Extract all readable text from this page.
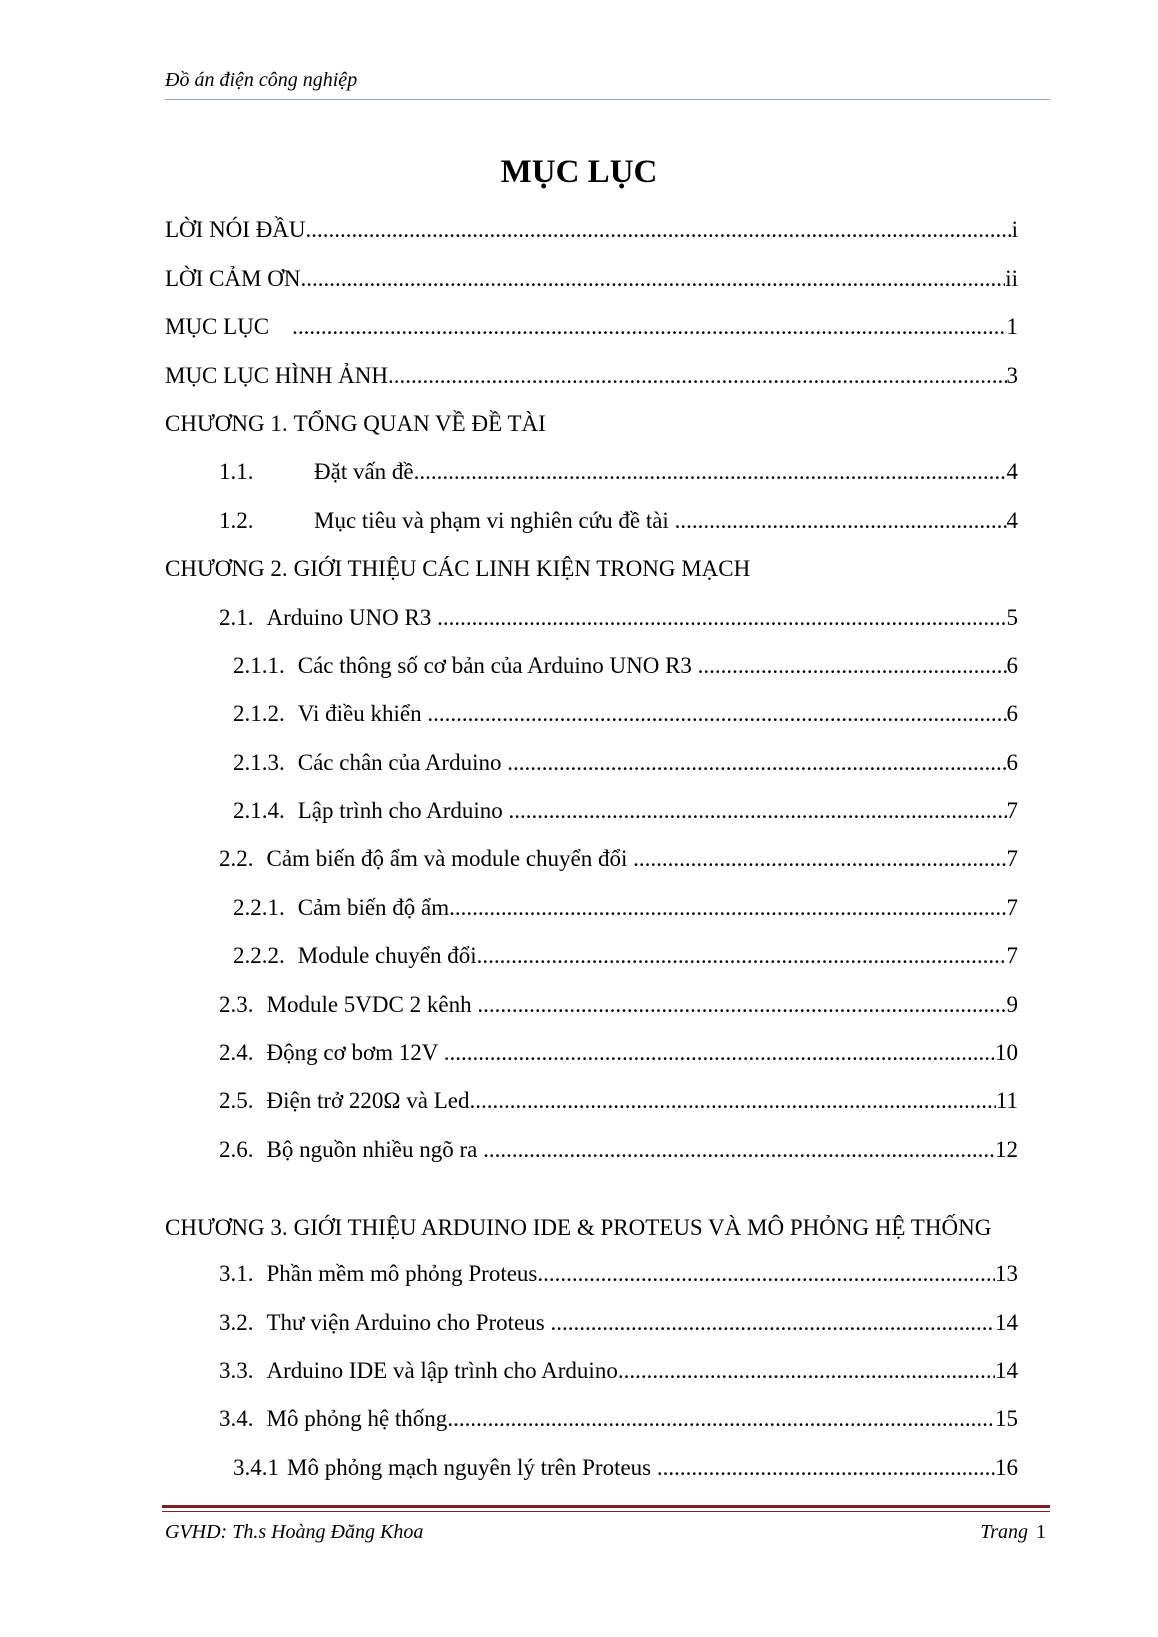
Đồ án điện công nghiệp
MỤC LỤC
LỜI NÓI ĐẦU .....	i
LỜI CẢM ƠN .....	ii
MỤC LỤC .....	1
MỤC LỤC HÌNH ẢNH .....	3
CHƯƠNG 1. TỔNG QUAN VỀ ĐỀ TÀI
1.1.	Đặt vấn đề .....	4
1.2.	Mục tiêu và phạm vi nghiên cứu đề tài .....	4
CHƯƠNG 2. GIỚI THIỆU CÁC LINH KIỆN TRONG MẠCH
2.1. Arduino UNO R3 .....	5
2.1.1. Các thông số cơ bản của Arduino UNO R3 .....	6
2.1.2. Vi điều khiển .....	6
2.1.3. Các chân của Arduino .....	6
2.1.4. Lập trình cho Arduino .....	7
2.2. Cảm biến độ ẩm và module chuyển đổi .....	7
2.2.1. Cảm biến độ ẩm .....	7
2.2.2. Module chuyển đổi .....	7
2.3. Module 5VDC 2 kênh .....	9
2.4. Động cơ bơm 12V .....	10
2.5. Điện trở 220Ω và Led .....	11
2.6. Bộ nguồn nhiều ngõ ra .....	12
CHƯƠNG 3. GIỚI THIỆU ARDUINO IDE & PROTEUS VÀ MÔ PHỎNG HỆ THỐNG
3.1. Phần mềm mô phỏng Proteus .....	13
3.2. Thư viện Arduino cho Proteus .....	14
3.3. Arduino IDE và lập trình cho Arduino .....	14
3.4. Mô phỏng hệ thống .....	15
3.4.1 Mô phỏng mạch nguyên lý trên Proteus .....	16
GVHD: Th.s Hoàng Đăng Khoa	Trang 1
